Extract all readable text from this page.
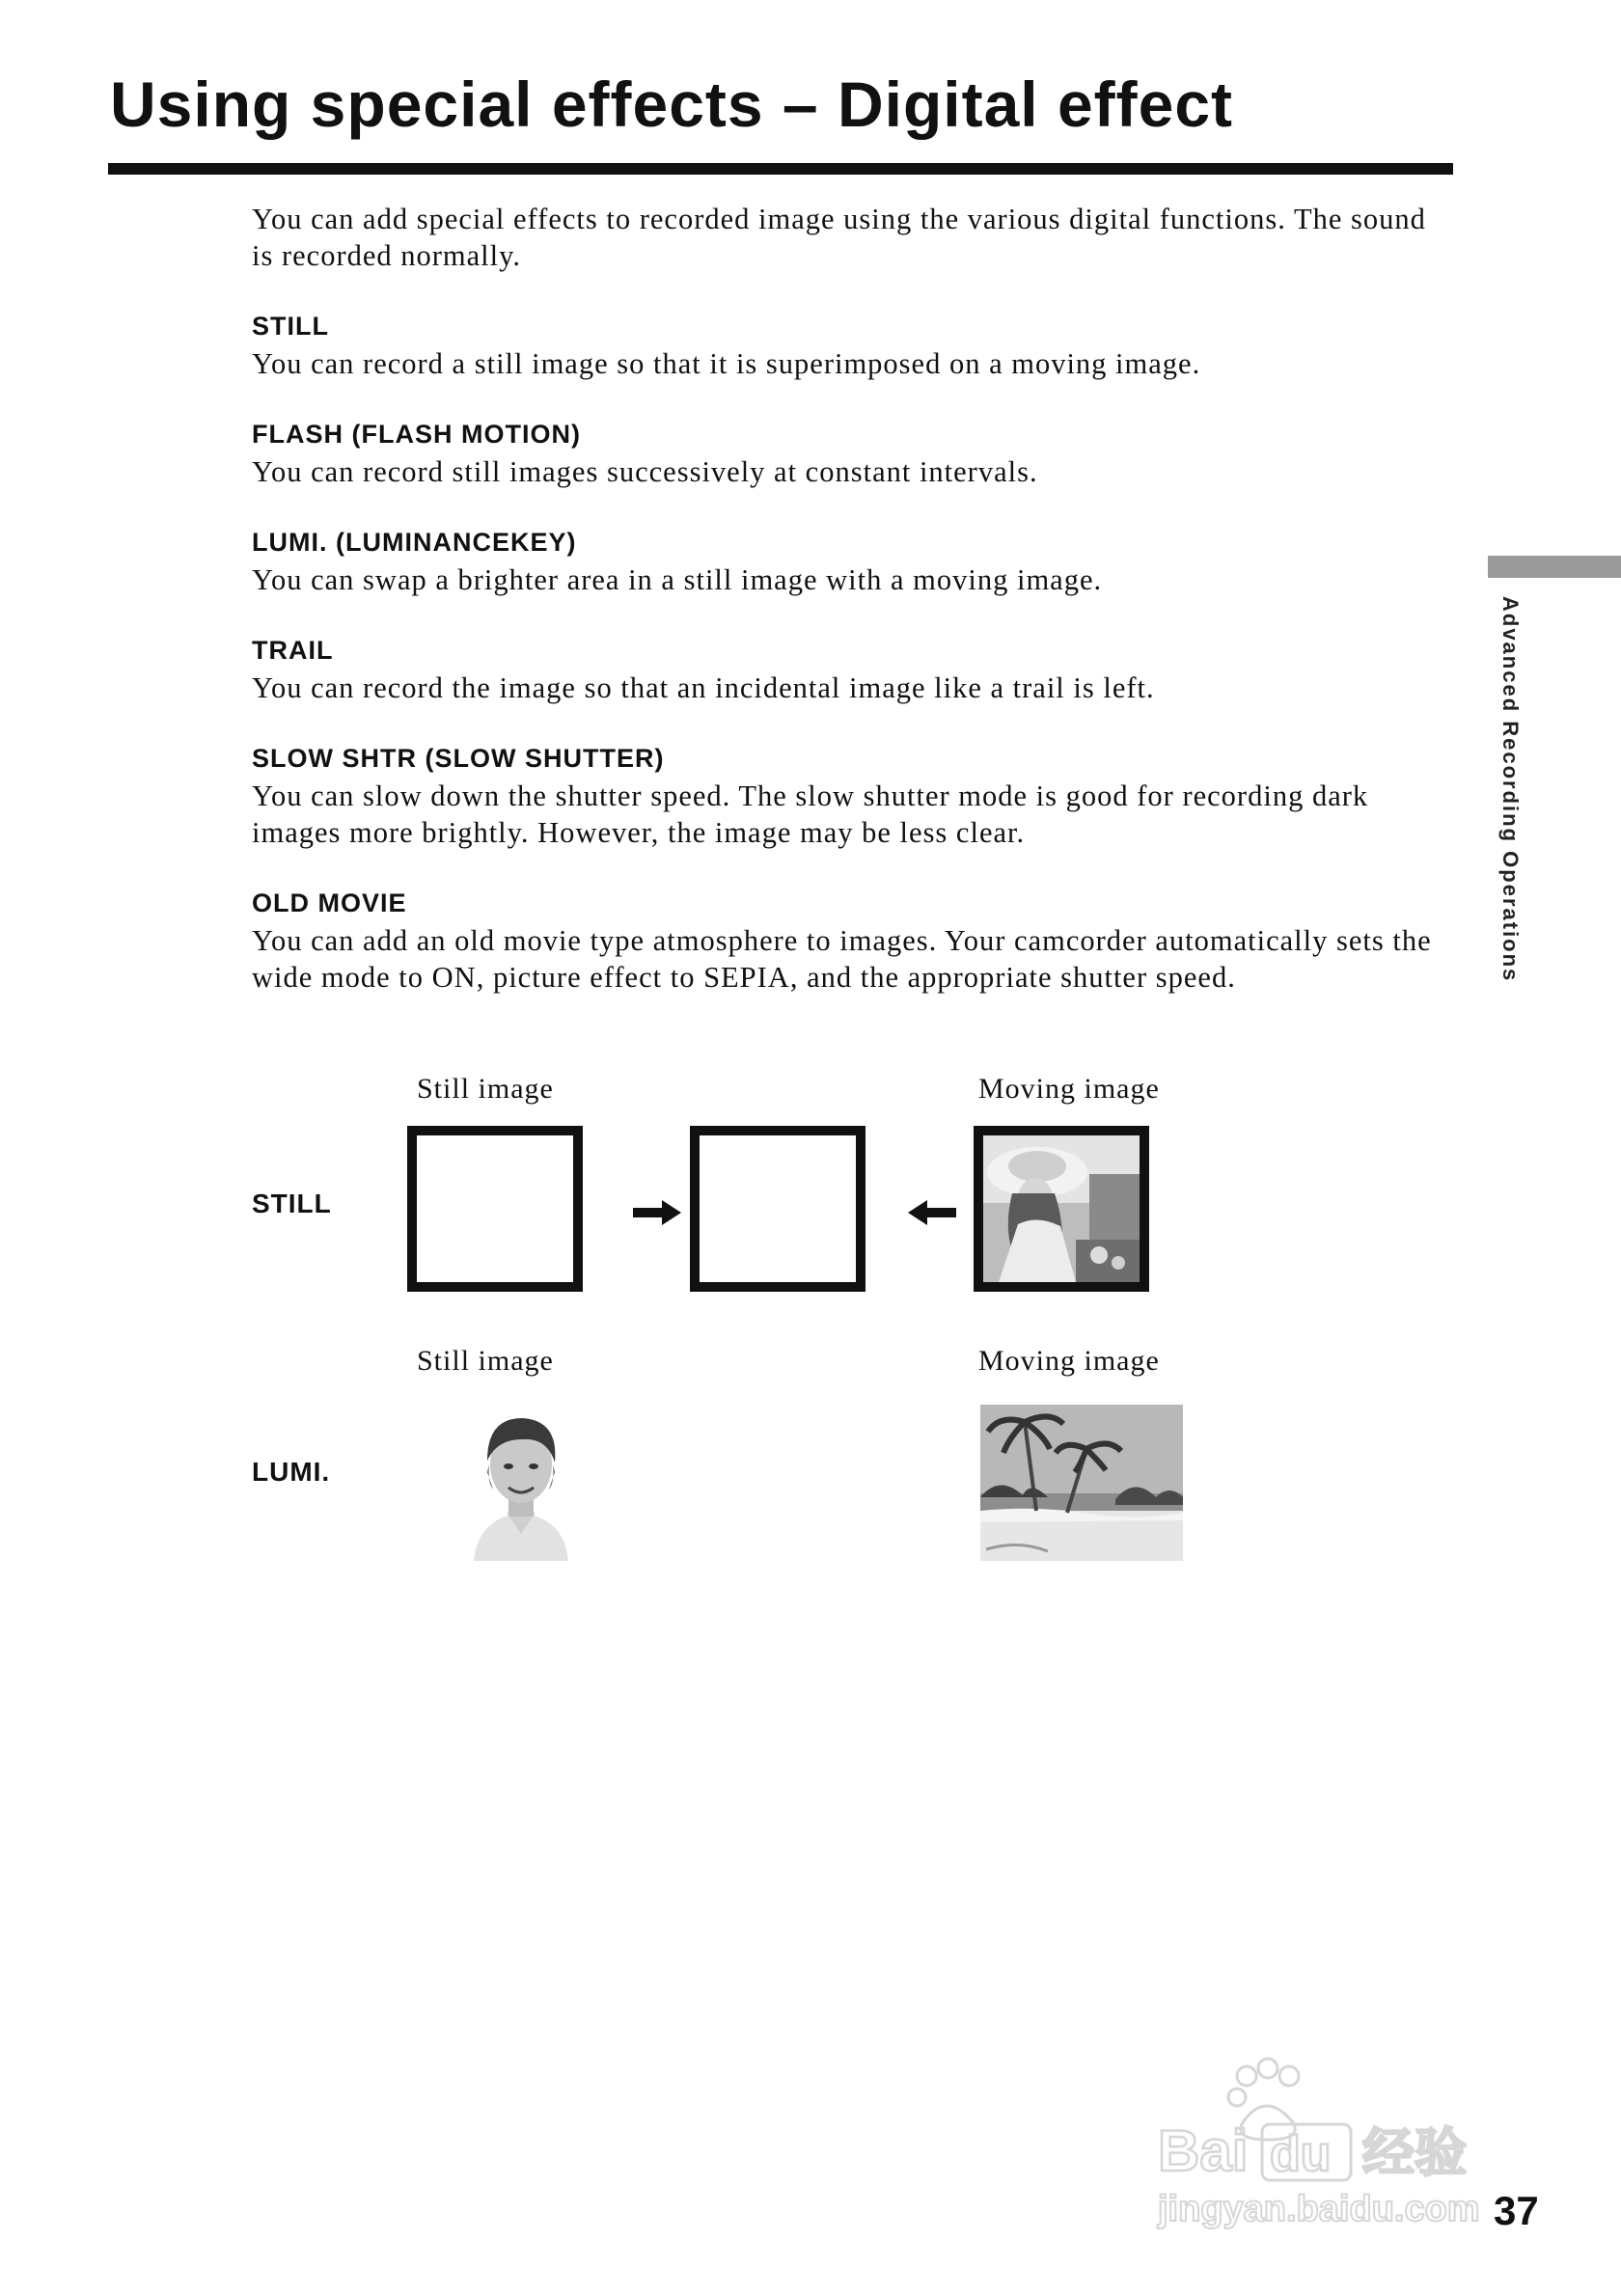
Using special effects – Digital effect

You can add special effects to recorded image using the various digital functions. The sound is recorded normally.

STILL

You can record a still image so that it is superimposed on a moving image.

FLASH (FLASH MOTION)

You can record still images successively at constant intervals.

LUMI. (LUMINANCEKEY)

You can swap a brighter area in a still image with a moving image.

TRAIL

You can record the image so that an incidental image like a trail is left.

SLOW SHTR (SLOW SHUTTER)

You can slow down the shutter speed. The slow shutter mode is good for recording dark images more brightly. However, the image may be less clear.

OLD MOVIE

You can add an old movie type atmosphere to images. Your camcorder automatically sets the wide mode to ON, picture effect to SEPIA, and the appropriate shutter speed.	Advanced Recording Operations
Still image	Moving image
STILL
Still image	Moving image
LUMI.
Bai du 经验
jingyan.baidu.com 37
